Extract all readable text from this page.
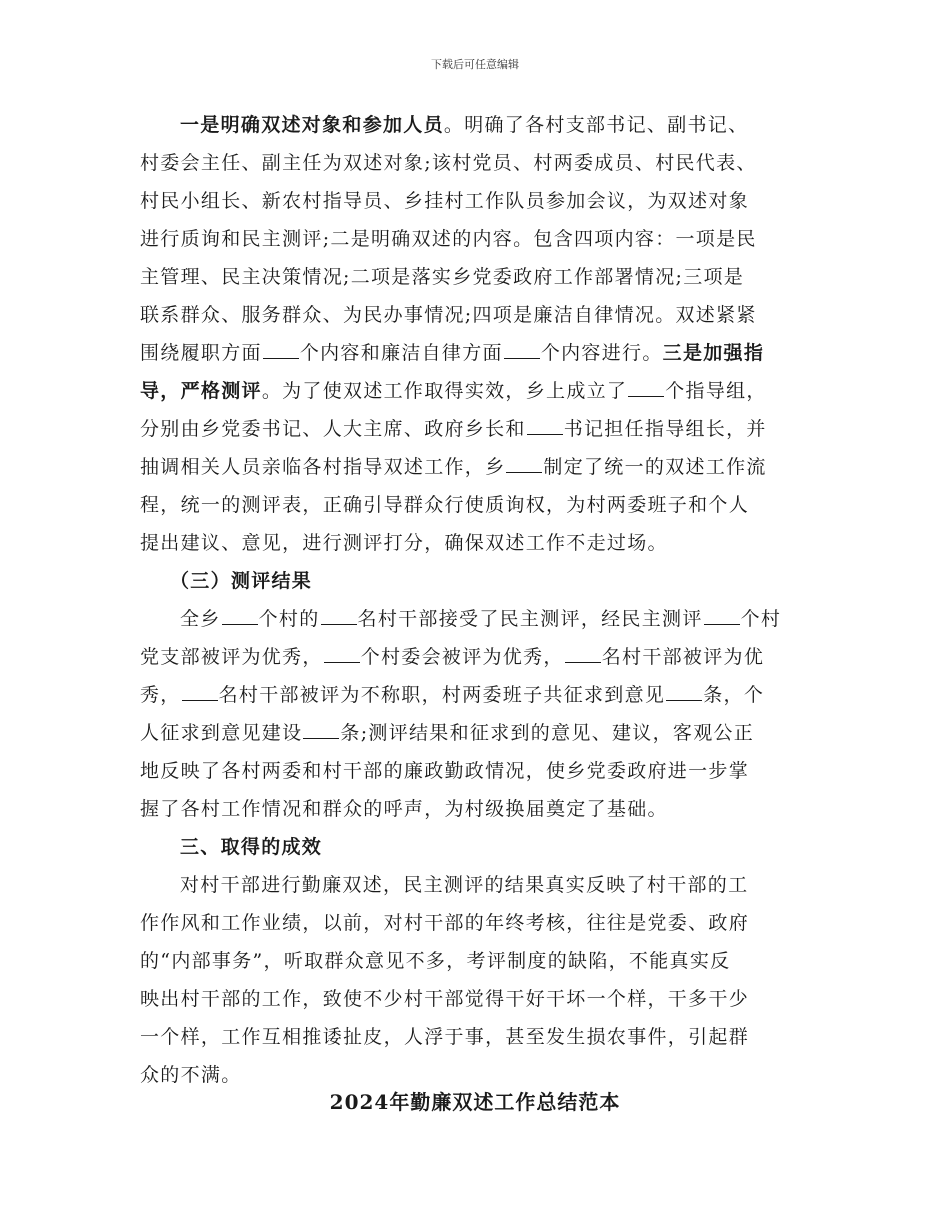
下载后可任意编辑
一是明确双述对象和参加人员。明确了各村支部书记、副书记、
村委会主任、副主任为双述对象;该村党员、村两委成员、村民代表、
村民小组长、新农村指导员、乡挂村工作队员参加会议，为双述对象
进行质询和民主测评;二是明确双述的内容。包含四项内容：一项是民
主管理、民主决策情况;二项是落实乡党委政府工作部署情况;三项是
联系群众、服务群众、为民办事情况;四项是廉洁自律情况。双述紧紧
围绕履职方面 个内容和廉洁自律方面 个内容进行。三是加强指
导，严格测评。为了使双述工作取得实效，乡上成立了 个指导组，
分别由乡党委书记、人大主席、政府乡长和 书记担任指导组长，并
抽调相关人员亲临各村指导双述工作，乡 制定了统一的双述工作流
程，统一的测评表，正确引导群众行使质询权，为村两委班子和个人
提出建议、意见，进行测评打分，确保双述工作不走过场。
（三）测评结果
全乡 个村的 名村干部接受了民主测评，经民主测评 个村
党支部被评为优秀， 个村委会被评为优秀， 名村干部被评为优
秀， 名村干部被评为不称职，村两委班子共征求到意见 条，个
人征求到意见建设 条;测评结果和征求到的意见、建议，客观公正
地反映了各村两委和村干部的廉政勤政情况，使乡党委政府进一步掌
握了各村工作情况和群众的呼声，为村级换届奠定了基础。
三、取得的成效
对村干部进行勤廉双述，民主测评的结果真实反映了村干部的工
作作风和工作业绩，以前，对村干部的年终考核，往往是党委、政府
的“内部事务”，听取群众意见不多，考评制度的缺陷，不能真实反
映出村干部的工作，致使不少村干部觉得干好干坏一个样，干多干少
一个样，工作互相推诿扯皮，人浮于事，甚至发生损农事件，引起群
众的不满。
2024年勤廉双述工作总结范本
